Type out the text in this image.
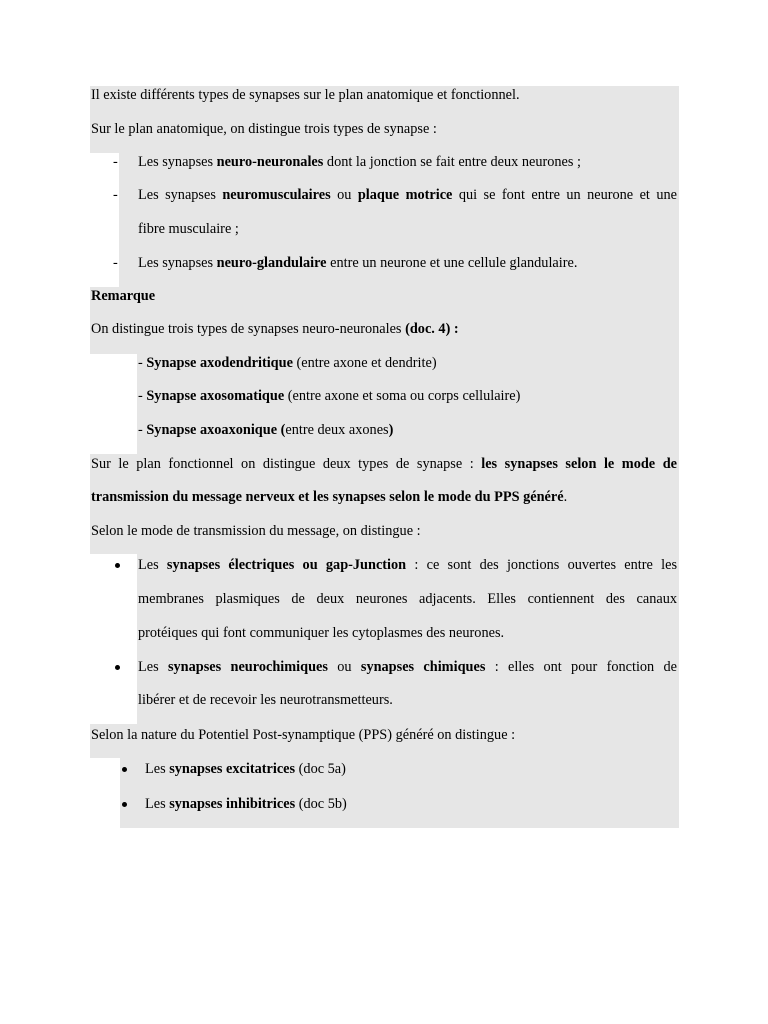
Il existe différents types de synapses sur le plan anatomique et fonctionnel.
Sur le plan anatomique, on distingue trois types de synapse :
- Les synapses neuro-neuronales dont la jonction se fait entre deux neurones ;
- Les synapses neuromusculaires ou plaque motrice qui se font entre un neurone et une
fibre musculaire ;
- Les synapses neuro-glandulaire entre un neurone et une cellule glandulaire.
Remarque
On distingue trois types de synapses neuro-neuronales (doc. 4) :
- Synapse axodendritique (entre axone et dendrite)
- Synapse axosomatique (entre axone et soma ou corps cellulaire)
- Synapse axoaxonique (entre deux axones)
Sur le plan fonctionnel on distingue deux types de synapse : les synapses selon le mode de
transmission du message nerveux et les synapses selon le mode du PPS généré.
Selon le mode de transmission du message, on distingue :
Les synapses électriques ou gap-Junction : ce sont des jonctions ouvertes entre les
membranes plasmiques de deux neurones adjacents. Elles contiennent des canaux
protéiques qui font communiquer les cytoplasmes des neurones.
Les synapses neurochimiques ou synapses chimiques : elles ont pour fonction de
libérer et de recevoir les neurotransmetteurs.
Selon la nature du Potentiel Post-synamptique (PPS) généré on distingue :
Les synapses excitatrices (doc 5a)
Les synapses inhibitrices (doc 5b)
